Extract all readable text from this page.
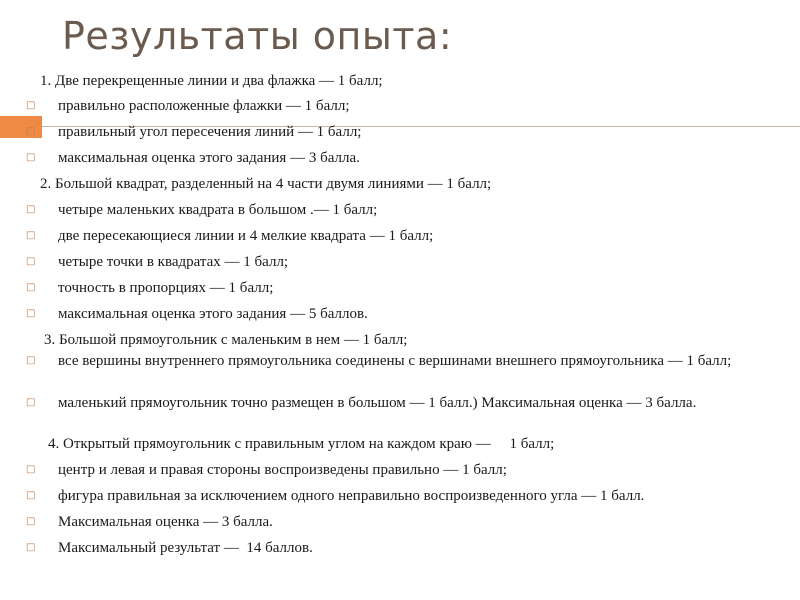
Результаты опыта:
1. Две перекрещенные линии и два флажка — 1 балл;
□ правильно расположенные флажки — 1 балл;
□ правильный угол пересечения линий — 1 балл;
□ максимальная оценка этого задания — 3 балла.
2. Большой квадрат, разделенный на 4 части двумя линиями — 1 балл;
□ четыре маленьких квадрата в большом .— 1 балл;
□ две пересекающиеся линии и 4 мелкие квадрата — 1 балл;
□ четыре точки в квадратах — 1 балл;
□ точность в пропорциях — 1 балл;
□ максимальная оценка этого задания — 5 баллов.
3. Большой прямоугольник с маленьким в нем — 1 балл;
□ все вершины внутреннего прямоугольника соединены с вершинами внешнего прямоугольника — 1 балл;
□ маленький прямоугольник точно размещен в большом — 1 балл.) Максимальная оценка — 3 балла.
4. Открытый прямоугольник с правильным углом на каждом краю —     1 балл;
□ центр и левая и правая стороны воспроизведены правильно — 1 балл;
□ фигура правильная за исключением одного неправильно воспроизведенного угла — 1 балл.
□ Максимальная оценка — 3 балла.
□ Максимальный результат —  14 баллов.
